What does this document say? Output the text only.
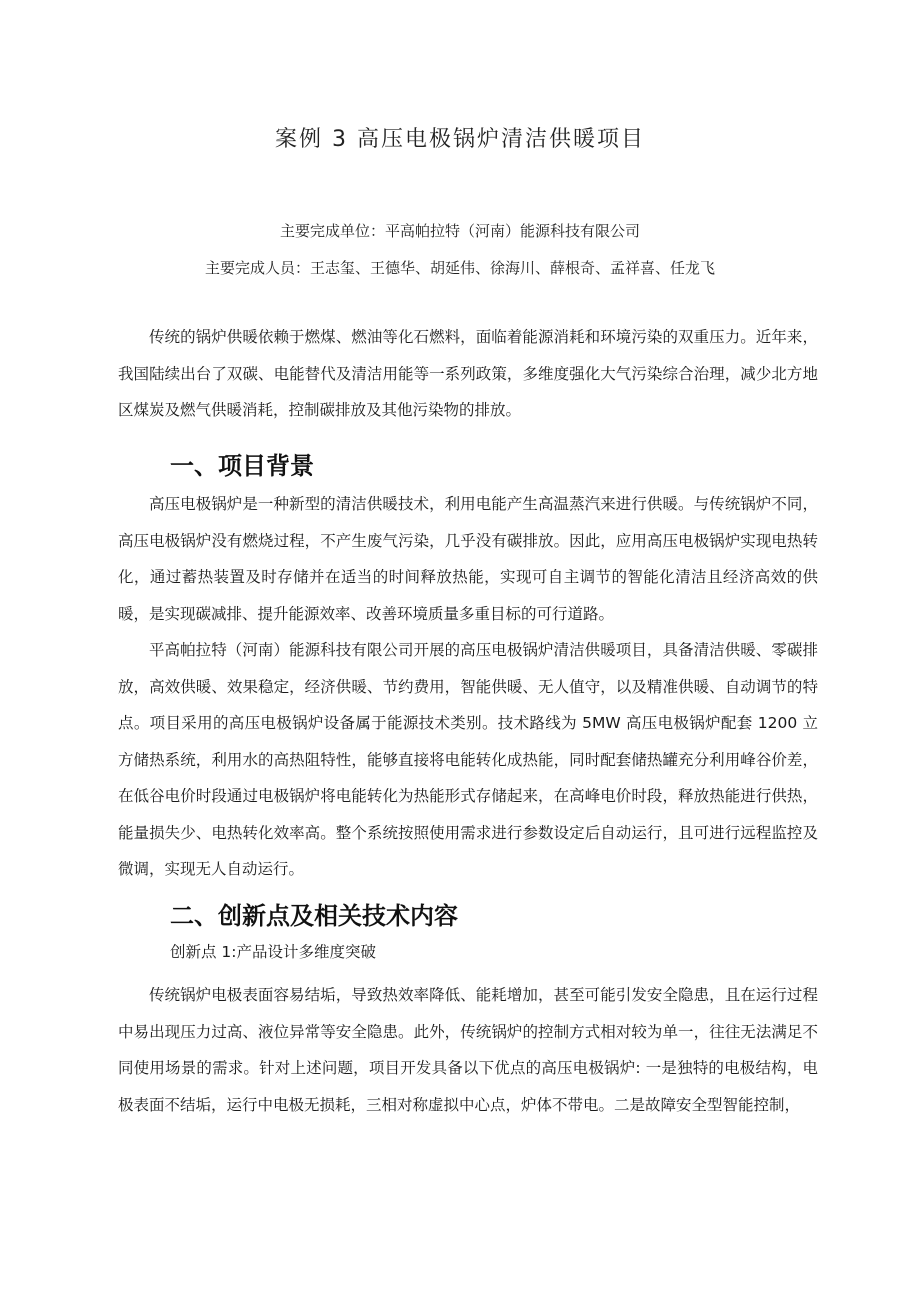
案例 3 高压电极锅炉清洁供暖项目
主要完成单位：平高帕拉特（河南）能源科技有限公司
主要完成人员：王志玺、王德华、胡延伟、徐海川、薛根奇、孟祥喜、任龙飞

传统的锅炉供暖依赖于燃煤、燃油等化石燃料，面临着能源消耗和环境污染的双重压力。近年来，我国陆续出台了双碳、电能替代及清洁用能等一系列政策，多维度强化大气污染综合治理，减少北方地区煤炭及燃气供暖消耗，控制碳排放及其他污染物的排放。

一、项目背景

高压电极锅炉是一种新型的清洁供暖技术，利用电能产生高温蒸汽来进行供暖。与传统锅炉不同，高压电极锅炉没有燃烧过程，不产生废气污染，几乎没有碳排放。因此，应用高压电极锅炉实现电热转化，通过蓄热装置及时存储并在适当的时间释放热能，实现可自主调节的智能化清洁且经济高效的供暖，是实现碳减排、提升能源效率、改善环境质量多重目标的可行道路。

平高帕拉特（河南）能源科技有限公司开展的高压电极锅炉清洁供暖项目，具备清洁供暖、零碳排放，高效供暖、效果稳定，经济供暖、节约费用，智能供暖、无人值守，以及精准供暖、自动调节的特点。项目采用的高压电极锅炉设备属于能源技术类别。技术路线为 5MW 高压电极锅炉配套 1200 立方储热系统，利用水的高热阻特性，能够直接将电能转化成热能，同时配套储热罐充分利用峰谷价差，在低谷电价时段通过电极锅炉将电能转化为热能形式存储起来，在高峰电价时段，释放热能进行供热，能量损失少、电热转化效率高。整个系统按照使用需求进行参数设定后自动运行，且可进行远程监控及微调，实现无人自动运行。

二、创新点及相关技术内容
创新点 1:产品设计多维度突破

传统锅炉电极表面容易结垢，导致热效率降低、能耗增加，甚至可能引发安全隐患，且在运行过程中易出现压力过高、液位异常等安全隐患。此外，传统锅炉的控制方式相对较为单一，往往无法满足不同使用场景的需求。针对上述问题，项目开发具备以下优点的高压电极锅炉: 一是独特的电极结构，电极表面不结垢，运行中电极无损耗，三相对称虚拟中心点，炉体不带电。二是故障安全型智能控制，
